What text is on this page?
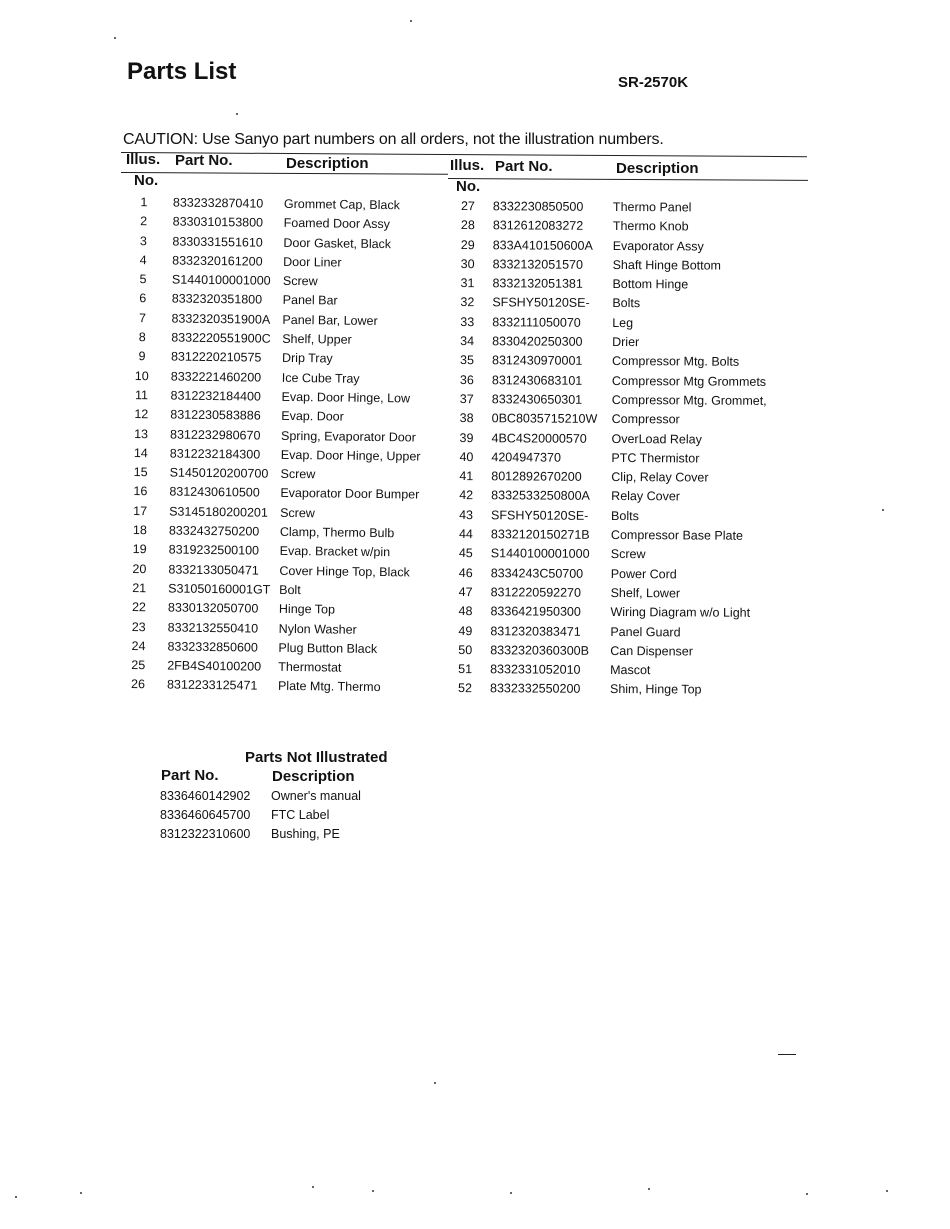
Parts List	SR-2570K
CAUTION: Use Sanyo part numbers on all orders, not the illustration numbers.
Illus. Part No.	Description
No.
Illus. Part No.	Description
No.
1	8332332870410 Grommet Cap, Black
2	8330310153800 Foamed Door Assy
3	8330331551610 Door Gasket, Black
4	8332320161200 Door Liner
5	S1440100001000 Screw
6	8332320351800 Panel Bar
7	8332320351900A Panel Bar, Lower
8	8332220551900C Shelf, Upper
9	8312220210575 Drip Tray
10	8332221460200 Ice Cube Tray
11	8312232184400 Evap. Door Hinge, Low
12	8312230583886 Evap. Door
13	8312232980670 Spring, Evaporator Door
14	8312232184300 Evap. Door Hinge, Upper
15	S1450120200700 Screw
16	8312430610500 Evaporator Door Bumper
17	S3145180200201 Screw
18	8332432750200 Clamp, Thermo Bulb
19	8319232500100 Evap. Bracket w/pin
20	8332133050471 Cover Hinge Top, Black
21	S31050160001GT Bolt
22	8330132050700 Hinge Top
23	8332132550410 Nylon Washer
24	8332332850600 Plug Button Black
25	2FB4S40100200 Thermostat
26	8312233125471 Plate Mtg. Thermo
27	8332230850500 Thermo Panel
28	8312612083272 Thermo Knob
29	833A410150600A Evaporator Assy
30	8332132051570 Shaft Hinge Bottom
31	8332132051381 Bottom Hinge
32	SFSHY50120SE- Bolts
33	8332111050070	Leg
34	8330420250300 Drier
35	8312430970001 Compressor Mtg. Bolts
36	8312430683101 Compressor Mtg Grommets
37	8332430650301 Compressor Mtg. Grommet,
38	0BC8035715210W Compressor
39	4BC4S20000570 OverLoad Relay
40	4204947370	PTC Thermistor
41	8012892670200 Clip, Relay Cover
42	8332533250800A Relay Cover
43	SFSHY50120SE- Bolts
44	8332120150271B Compressor Base Plate
45	S1440100001000 Screw
46	8334243C50700 Power Cord
47	8312220592270 Shelf, Lower
48	8336421950300 Wiring Diagram w/o Light
49	8312320383471 Panel Guard
50	8332320360300B Can Dispenser
51	8332331052010 Mascot
52	8332332550200 Shim, Hinge Top
Parts Not Illustrated
Part No.	Description
8336460142902 Owner's manual
8336460645700 FTC Label
8312322310600 Bushing, PE
